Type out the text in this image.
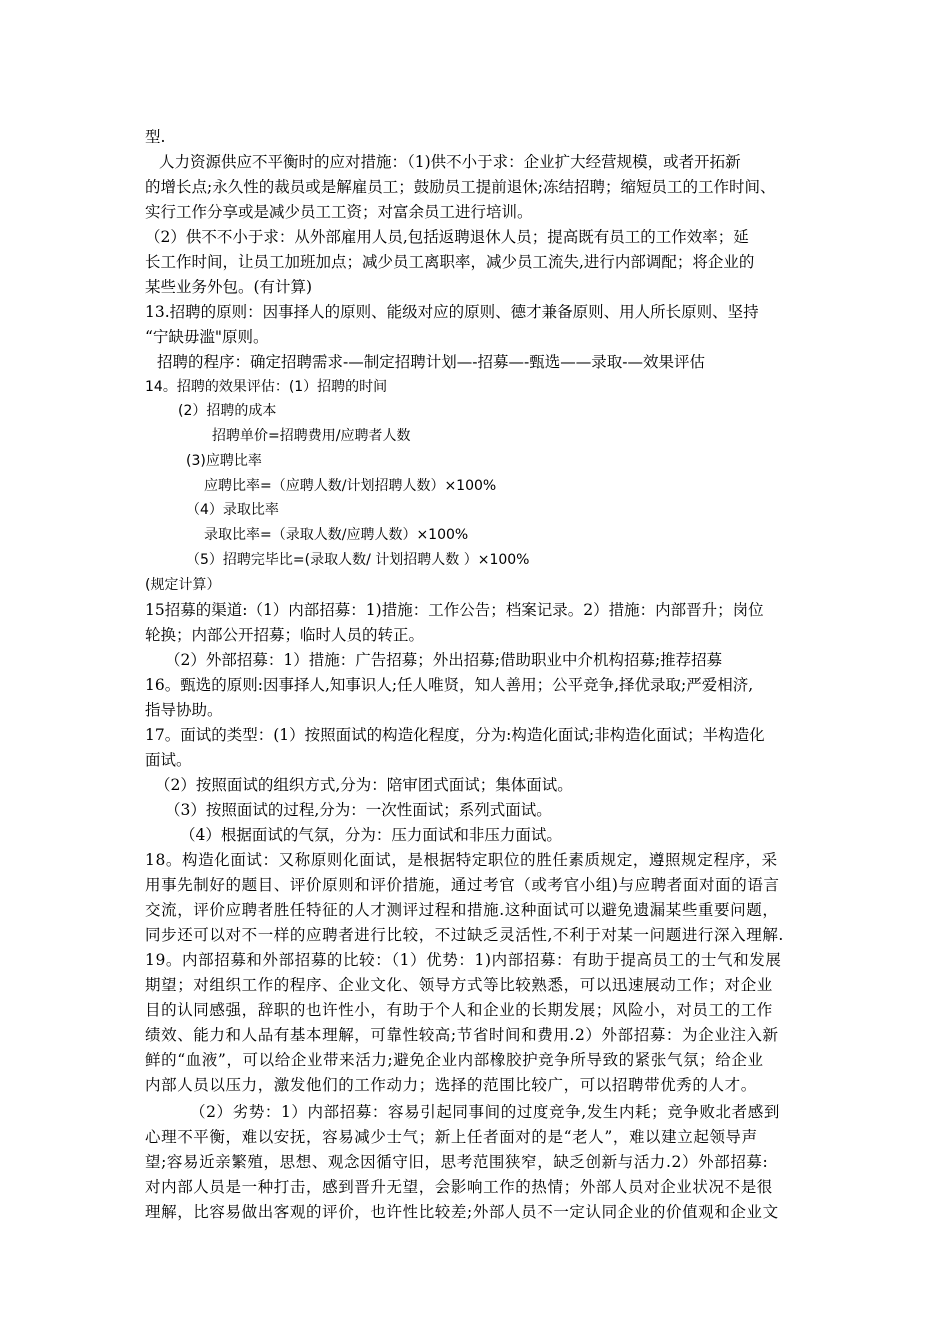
型.
人力资源供应不平衡时的应对措施：（1)供不小于求：企业扩大经营规模，或者开拓新
的增长点;永久性的裁员或是解雇员工；鼓励员工提前退休;冻结招聘；缩短员工的工作时间、
实行工作分享或是减少员工工资；对富余员工进行培训。
（2）供不不小于求：从外部雇用人员,包括返聘退休人员；提高既有员工的工作效率；延
长工作时间，让员工加班加点；减少员工离职率，减少员工流失,进行内部调配；将企业的
某些业务外包。(有计算)
13.招聘的原则：因事择人的原则、能级对应的原则、德才兼备原则、用人所长原则、坚持
“宁缺毋滥"原则。
招聘的程序：确定招聘需求-—制定招聘计划—-招募—-甄选——录取-—效果评估
14。招聘的效果评估：(1）招聘的时间
(2）招聘的成本
招聘单价=招聘费用/应聘者人数
(3)应聘比率
应聘比率=（应聘人数/计划招聘人数）×100%
（4）录取比率
录取比率=（录取人数/应聘人数）×100%
（5）招聘完毕比=(录取人数/ 计划招聘人数 ）×100%
(规定计算）
15招募的渠道:（1）内部招募：1)措施：工作公告；档案记录。2）措施：内部晋升；岗位
轮换；内部公开招募；临时人员的转正。
（2）外部招募：1）措施：广告招募；外出招募;借助职业中介机构招募;推荐招募
16。甄选的原则:因事择人,知事识人;任人唯贤，知人善用；公平竞争,择优录取;严爱相济,
指导协助。
17。面试的类型：(1）按照面试的构造化程度，分为:构造化面试;非构造化面试；半构造化
面试。
（2）按照面试的组织方式,分为：陪审团式面试；集体面试。
（3）按照面试的过程,分为：一次性面试；系列式面试。
（4）根据面试的气氛，分为：压力面试和非压力面试。
18。构造化面试：又称原则化面试，是根据特定职位的胜任素质规定，遵照规定程序，采
用事先制好的题目、评价原则和评价措施，通过考官（或考官小组)与应聘者面对面的语言
交流，评价应聘者胜任特征的人才测评过程和措施.这种面试可以避免遗漏某些重要问题，
同步还可以对不一样的应聘者进行比较，不过缺乏灵活性,不利于对某一问题进行深入理解.
19。内部招募和外部招募的比较：（1）优势：1)内部招募：有助于提高员工的士气和发展
期望；对组织工作的程序、企业文化、领导方式等比较熟悉，可以迅速展动工作；对企业
目的认同感强，辞职的也许性小，有助于个人和企业的长期发展；风险小，对员工的工作
绩效、能力和人品有基本理解，可靠性较高;节省时间和费用.2）外部招募：为企业注入新
鲜的“血液”，可以给企业带来活力;避免企业内部橡胶护竞争所导致的紧张气氛；给企业
内部人员以压力，激发他们的工作动力；选择的范围比较广，可以招聘带优秀的人才。
（2）劣势：1）内部招募：容易引起同事间的过度竞争,发生内耗；竞争败北者感到
心理不平衡，难以安抚，容易减少士气；新上任者面对的是“老人”，难以建立起领导声
望;容易近亲繁殖，思想、观念因循守旧，思考范围狭窄，缺乏创新与活力.2）外部招募:
对内部人员是一种打击，感到晋升无望，会影响工作的热情；外部人员对企业状况不是很
理解，比容易做出客观的评价，也许性比较差;外部人员不一定认同企业的价值观和企业文
